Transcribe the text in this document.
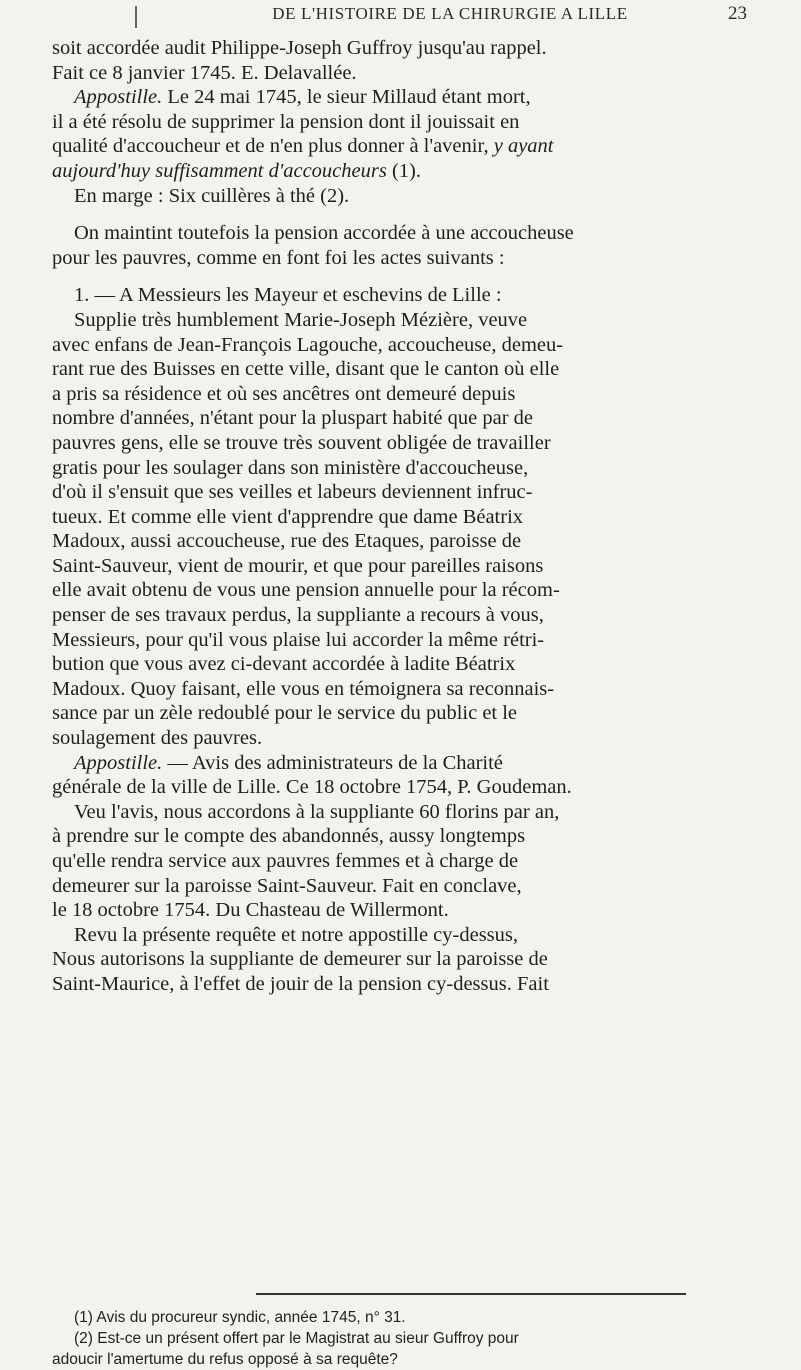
DE L'HISTOIRE DE LA CHIRURGIE A LILLE	23
soit accordée audit Philippe-Joseph Guffroy jusqu'au rappel.
Fait ce 8 janvier 1745. E. Delavallée.
Appostille. Le 24 mai 1745, le sieur Millaud étant mort,
il a été résolu de supprimer la pension dont il jouissait en
qualité d'accoucheur et de n'en plus donner à l'avenir, y ayant
aujourd'huy suffisamment d'accoucheurs (1).
En marge : Six cuillères à thé (2).
On maintint toutefois la pension accordée à une accoucheuse
pour les pauvres, comme en font foi les actes suivants :
1. — A Messieurs les Mayeur et eschevins de Lille :
Supplie très humblement Marie-Joseph Mézière, veuve
avec enfans de Jean-François Lagouche, accoucheuse, demeu-
rant rue des Buisses en cette ville, disant que le canton où elle
a pris sa résidence et où ses ancêtres ont demeuré depuis
nombre d'années, n'étant pour la pluspart habité que par de
pauvres gens, elle se trouve très souvent obligée de travailler
gratis pour les soulager dans son ministère d'accoucheuse,
d'où il s'ensuit que ses veilles et labeurs deviennent infruc-
tueux. Et comme elle vient d'apprendre que dame Béatrix
Madoux, aussi accoucheuse, rue des Etaques, paroisse de
Saint-Sauveur, vient de mourir, et que pour pareilles raisons
elle avait obtenu de vous une pension annuelle pour la récom-
penser de ses travaux perdus, la suppliante a recours à vous,
Messieurs, pour qu'il vous plaise lui accorder la même rétri-
bution que vous avez ci-devant accordée à ladite Béatrix
Madoux. Quoy faisant, elle vous en témoignera sa reconnais-
sance par un zèle redoublé pour le service du public et le
soulagement des pauvres.
Appostille. — Avis des administrateurs de la Charité
générale de la ville de Lille. Ce 18 octobre 1754, P. Goudeman.
Veu l'avis, nous accordons à la suppliante 60 florins par an,
à prendre sur le compte des abandonnés, aussy longtemps
qu'elle rendra service aux pauvres femmes et à charge de
demeurer sur la paroisse Saint-Sauveur. Fait en conclave,
le 18 octobre 1754. Du Chasteau de Willermont.
Revu la présente requête et notre appostille cy-dessus,
Nous autorisons la suppliante de demeurer sur la paroisse de
Saint-Maurice, à l'effet de jouir de la pension cy-dessus. Fait
(1) Avis du procureur syndic, année 1745, n° 31.
(2) Est-ce un présent offert par le Magistrat au sieur Guffroy pour
adoucir l'amertume du refus opposé à sa requête?
